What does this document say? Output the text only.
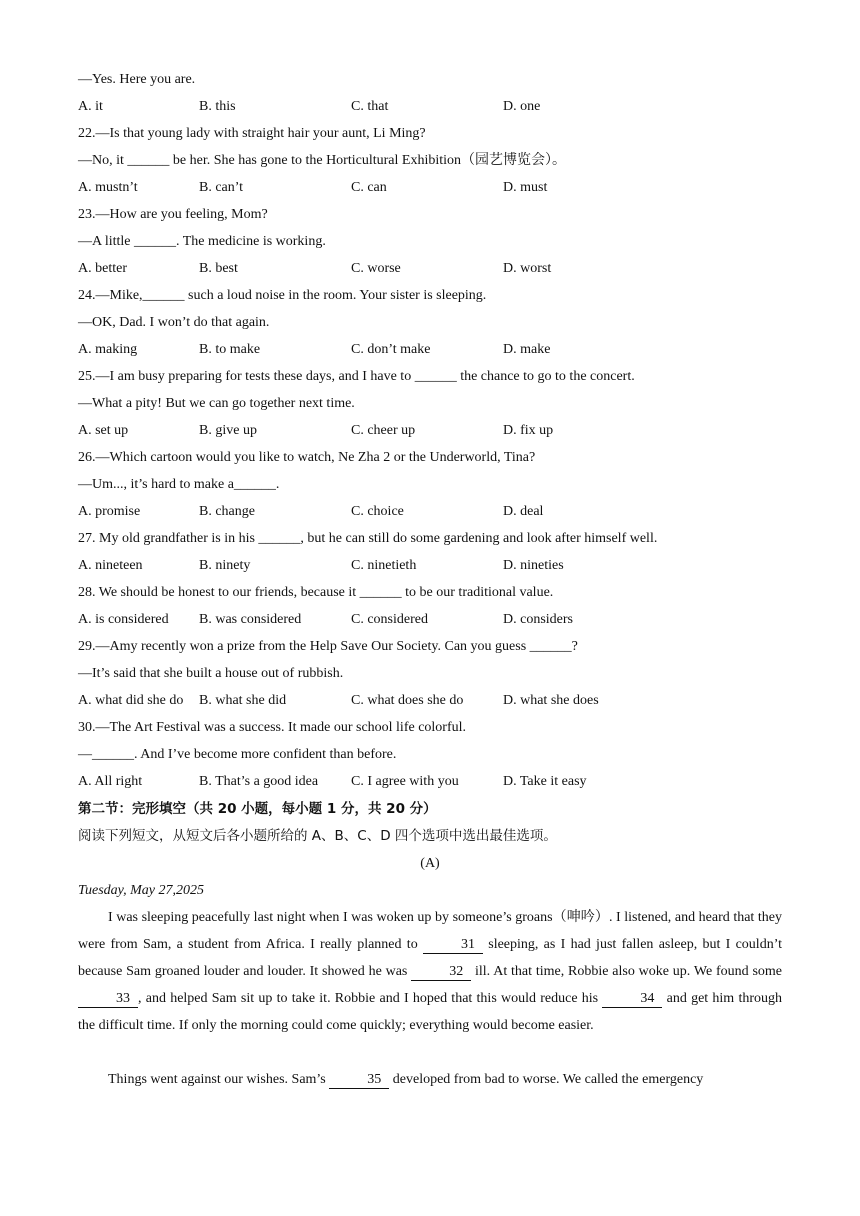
—Yes. Here you are.
A. it	B. this	C. that	D. one
22.—Is that young lady with straight hair your aunt, Li Ming?
—No, it ______ be her. She has gone to the Horticultural Exhibition（园艺博览会）。
A. mustn’t	B. can’t	C. can	D. must
23.—How are you feeling, Mom?
—A little ______. The medicine is working.
A. better	B. best	C. worse	D. worst
24.—Mike,______ such a loud noise in the room. Your sister is sleeping.
—OK, Dad. I won’t do that again.
A. making	B. to make	C. don’t make	D. make
25.—I am busy preparing for tests these days, and I have to ______ the chance to go to the concert.
—What a pity! But we can go together next time.
A. set up	B. give up	C. cheer up	D. fix up
26.—Which cartoon would you like to watch, Ne Zha 2 or the Underworld, Tina?
—Um..., it’s hard to make a______.
A. promise	B. change	C. choice	D. deal
27. My old grandfather is in his ______, but he can still do some gardening and look after himself well.
A. nineteen	B. ninety	C. ninetieth	D. nineties
28. We should be honest to our friends, because it ______ to be our traditional value.
A. is considered B. was considered	C. considered	D. considers
29.—Amy recently won a prize from the Help Save Our Society. Can you guess ______?
—It’s said that she built a house out of rubbish.
A. what did she do B. what she did	C. what does she do	D. what she does
30.—The Art Festival was a success. It made our school life colorful.
—______. And I’ve become more confident than before.
A. All right	B. That’s a good idea C. I agree with you	D. Take it easy
第二节：完形填空（共 20 小题，每小题 1 分，共 20 分）
阅读下列短文，从短文后各小题所给的 A、B、C、D 四个选项中选出最佳选项。
(A)
Tuesday, May 27,2025
I was sleeping peacefully last night when I was woken up by someone’s groans（呻吟）. I listened, and heard that they were from Sam, a student from Africa. I really planned to	31 sleeping, as I had just fallen asleep, but I couldn’t because Sam groaned louder and louder. It showed he was	32 ill. At that time, Robbie also woke up. We found some 33 , and helped Sam sit up to take it. Robbie and I hoped that this would reduce his	34 and get him through the difficult time. If only the morning could come quickly; everything would become easier.
Things went against our wishes. Sam’s	35 developed from bad to worse. We called the emergency
